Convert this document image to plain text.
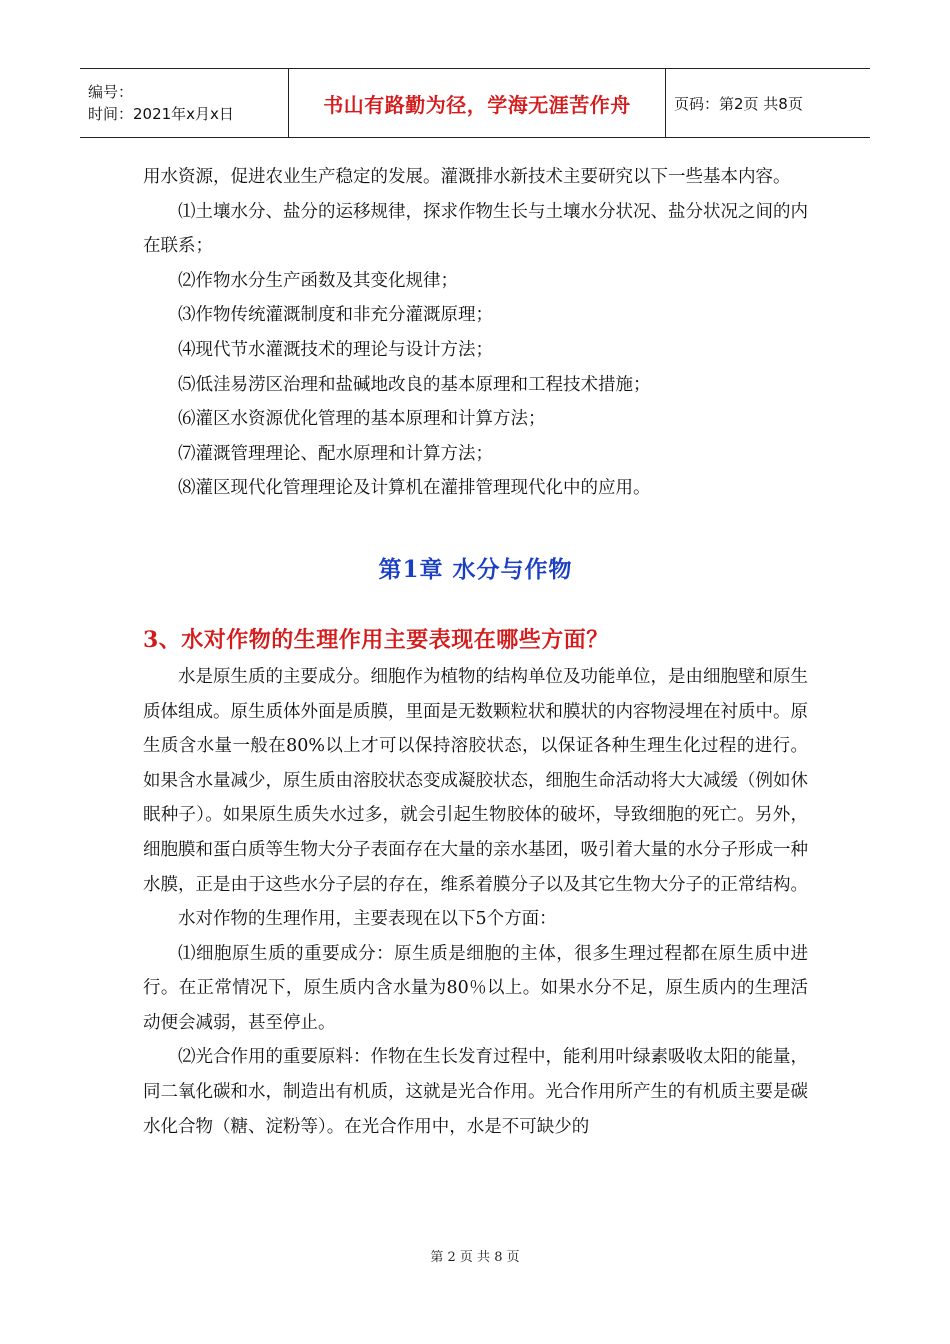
编号：
时间：2021年x月x日	书山有路勤为径，学海无涯苦作舟	页码：第2页 共8页

用水资源，促进农业生产稳定的发展。灌溉排水新技术主要研究以下一些基本内容。

⑴土壤水分、盐分的运移规律，探求作物生长与土壤水分状况、盐分状况之间的内在联系；

⑵作物水分生产函数及其变化规律；

⑶作物传统灌溉制度和非充分灌溉原理；

⑷现代节水灌溉技术的理论与设计方法；

⑸低洼易涝区治理和盐碱地改良的基本原理和工程技术措施；

⑹灌区水资源优化管理的基本原理和计算方法；

⑺灌溉管理理论、配水原理和计算方法；

⑻灌区现代化管理理论及计算机在灌排管理现代化中的应用。

第1章 水分与作物
3、水对作物的生理作用主要表现在哪些方面？

水是原生质的主要成分。细胞作为植物的结构单位及功能单位，是由细胞壁和原生质体组成。原生质体外面是质膜，里面是无数颗粒状和膜状的内容物浸埋在衬质中。原生质含水量一般在80%以上才可以保持溶胶状态，以保证各种生理生化过程的进行。如果含水量减少，原生质由溶胶状态变成凝胶状态，细胞生命活动将大大减缓（例如休眠种子）。如果原生质失水过多，就会引起生物胶体的破坏，导致细胞的死亡。另外，细胞膜和蛋白质等生物大分子表面存在大量的亲水基团，吸引着大量的水分子形成一种水膜，正是由于这些水分子层的存在，维系着膜分子以及其它生物大分子的正常结构。

水对作物的生理作用，主要表现在以下5个方面：

⑴细胞原生质的重要成分：原生质是细胞的主体，很多生理过程都在原生质中进行。在正常情况下，原生质内含水量为80％以上。如果水分不足，原生质内的生理活动便会减弱，甚至停止。

⑵光合作用的重要原料：作物在生长发育过程中，能利用叶绿素吸收太阳的能量，同二氧化碳和水，制造出有机质，这就是光合作用。光合作用所产生的有机质主要是碳水化合物（糖、淀粉等）。在光合作用中，水是不可缺少的

第 2 页 共 8 页
